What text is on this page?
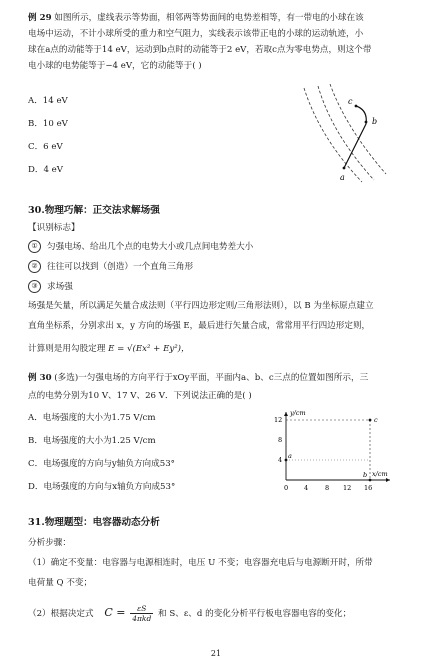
例 29 如图所示，虚线表示等势面，相邻两等势面间的电势差相等，有一带电的小球在该
电场中运动，不计小球所受的重力和空气阻力，实线表示该带正电的小球的运动轨迹，小
球在a点的动能等于14 eV，运动到b点时的动能等于2 eV，若取c点为零电势点，则这个带
电小球的电势能等于−4 eV，它的动能等于( )
A．14 eV
B．10 eV
C．6 eV
D．4 eV
a
b
c
30.物理巧解：正交法求解场强
【识别标志】
① 匀强电场、给出几个点的电势大小或几点间电势差大小
② 往往可以找到（创造）一个直角三角形
③ 求场强
场强是矢量，所以满足矢量合成法则（平行四边形定则/三角形法则），以 B 为坐标原点建立
直角坐标系，分别求出 x，y 方向的场强 E，最后进行矢量合成，常常用平行四边形定则，
计算则是用勾股定理 E = √(Ex² + Ey²)，
例 30 (多选)一匀强电场的方向平行于xOy平面，平面内a、b、c三点的位置如图所示，三
点的电势分别为10 V、17 V、26 V．下列说法正确的是( )
A．电场强度的大小为1.75 V/cm
B．电场强度的大小为1.25 V/cm
C．电场强度的方向与y轴负方向成53°
D．电场强度的方向与x轴负方向成53°
y/cm
x/cm
12
8
4
0 4	8 12 16
a
b
c
31.物理题型：电容器动态分析
分析步骤：
（1）确定不变量：电容器与电源相连时，电压 U 不变；电容器充电后与电源断开时，所带
电荷量 Q 不变；
（2）根据决定式 C =	εS
4πkd 和 S、ε、d 的变化分析平行板电容器电容的变化；
21
